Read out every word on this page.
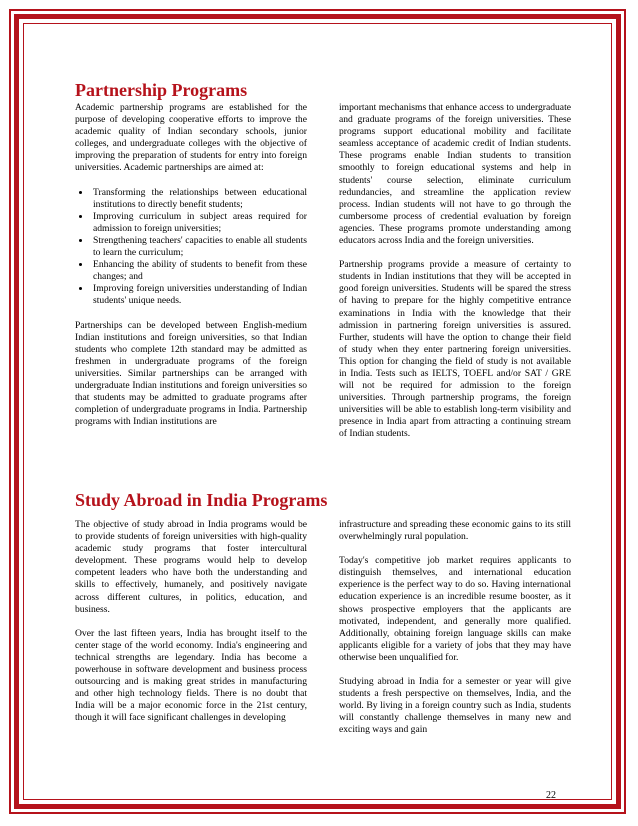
Partnership Programs

Academic partnership programs are established for the purpose of developing cooperative efforts to improve the academic quality of Indian secondary schools, junior colleges, and undergraduate colleges with the objective of improving the preparation of students for entry into foreign universities. Academic partnerships are aimed at:

• Transforming the relationships between educational institutions to directly benefit students;
• Improving curriculum in subject areas required for admission to foreign universities;
• Strengthening teachers' capacities to enable all students to learn the curriculum;
• Enhancing the ability of students to benefit from these changes; and
• Improving foreign universities understanding of Indian students' unique needs.

Partnerships can be developed between English-medium Indian institutions and foreign universities, so that Indian students who complete 12th standard may be admitted as freshmen in undergraduate programs of the foreign universities. Similar partnerships can be arranged with undergraduate Indian institutions and foreign universities so that students may be admitted to graduate programs after completion of undergraduate programs in India. Partnership programs with Indian institutions are

important mechanisms that enhance access to undergraduate and graduate programs of the foreign universities. These programs support educational mobility and facilitate seamless acceptance of academic credit of Indian students. These programs enable Indian students to transition smoothly to foreign educational systems and help in students' course selection, eliminate curriculum redundancies, and streamline the application review process. Indian students will not have to go through the cumbersome process of credential evaluation by foreign agencies. These programs promote understanding among educators across India and the foreign universities.

Partnership programs provide a measure of certainty to students in Indian institutions that they will be accepted in good foreign universities. Students will be spared the stress of having to prepare for the highly competitive entrance examinations in India with the knowledge that their admission in partnering foreign universities is assured. Further, students will have the option to change their field of study when they enter partnering foreign universities. This option for changing the field of study is not available in India. Tests such as IELTS, TOEFL and/or SAT / GRE will not be required for admission to the foreign universities. Through partnership programs, the foreign universities will be able to establish long-term visibility and presence in India apart from attracting a continuing stream of Indian students.

Study Abroad in India Programs

The objective of study abroad in India programs would be to provide students of foreign universities with high-quality academic study programs that foster intercultural development. These programs would help to develop competent leaders who have both the understanding and skills to effectively, humanely, and positively navigate across different cultures, in politics, education, and business.

Over the last fifteen years, India has brought itself to the center stage of the world economy. India's engineering and technical strengths are legendary. India has become a powerhouse in software development and business process outsourcing and is making great strides in manufacturing and other high technology fields. There is no doubt that India will be a major economic force in the 21st century, though it will face significant challenges in developing

infrastructure and spreading these economic gains to its still overwhelmingly rural population.

Today's competitive job market requires applicants to distinguish themselves, and international education experience is the perfect way to do so. Having international education experience is an incredible resume booster, as it shows prospective employers that the applicants are motivated, independent, and generally more qualified. Additionally, obtaining foreign language skills can make applicants eligible for a variety of jobs that they may have otherwise been unqualified for.

Studying abroad in India for a semester or year will give students a fresh perspective on themselves, India, and the world. By living in a foreign country such as India, students will constantly challenge themselves in many new and exciting ways and gain

22
